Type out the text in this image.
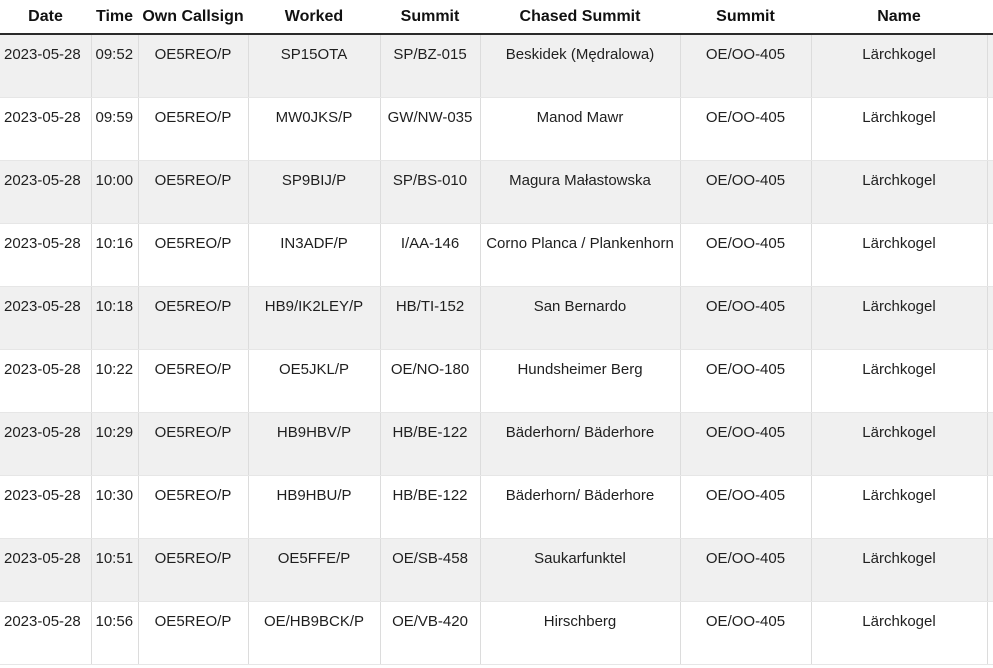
Date	Time	Own Callsign	Worked	Summit	Chased Summit	Summit	Name	
2023-05-28	09:52	OE5REO/P	SP15OTA	SP/BZ-015	Beskidek (Mędralowa)	OE/OO-405	Lärchkogel	
2023-05-28	09:59	OE5REO/P	MW0JKS/P	GW/NW-035	Manod Mawr	OE/OO-405	Lärchkogel	
2023-05-28	10:00	OE5REO/P	SP9BIJ/P	SP/BS-010	Magura Małastowska	OE/OO-405	Lärchkogel	
2023-05-28	10:16	OE5REO/P	IN3ADF/P	I/AA-146	Corno Planca / Plankenhorn	OE/OO-405	Lärchkogel	
2023-05-28	10:18	OE5REO/P	HB9/IK2LEY/P	HB/TI-152	San Bernardo	OE/OO-405	Lärchkogel	
2023-05-28	10:22	OE5REO/P	OE5JKL/P	OE/NO-180	Hundsheimer Berg	OE/OO-405	Lärchkogel	
2023-05-28	10:29	OE5REO/P	HB9HBV/P	HB/BE-122	Bäderhorn/ Bäderhore	OE/OO-405	Lärchkogel	
2023-05-28	10:30	OE5REO/P	HB9HBU/P	HB/BE-122	Bäderhorn/ Bäderhore	OE/OO-405	Lärchkogel	
2023-05-28	10:51	OE5REO/P	OE5FFE/P	OE/SB-458	Saukarfunktel	OE/OO-405	Lärchkogel	
2023-05-28	10:56	OE5REO/P	OE/HB9BCK/P	OE/VB-420	Hirschberg	OE/OO-405	Lärchkogel	
